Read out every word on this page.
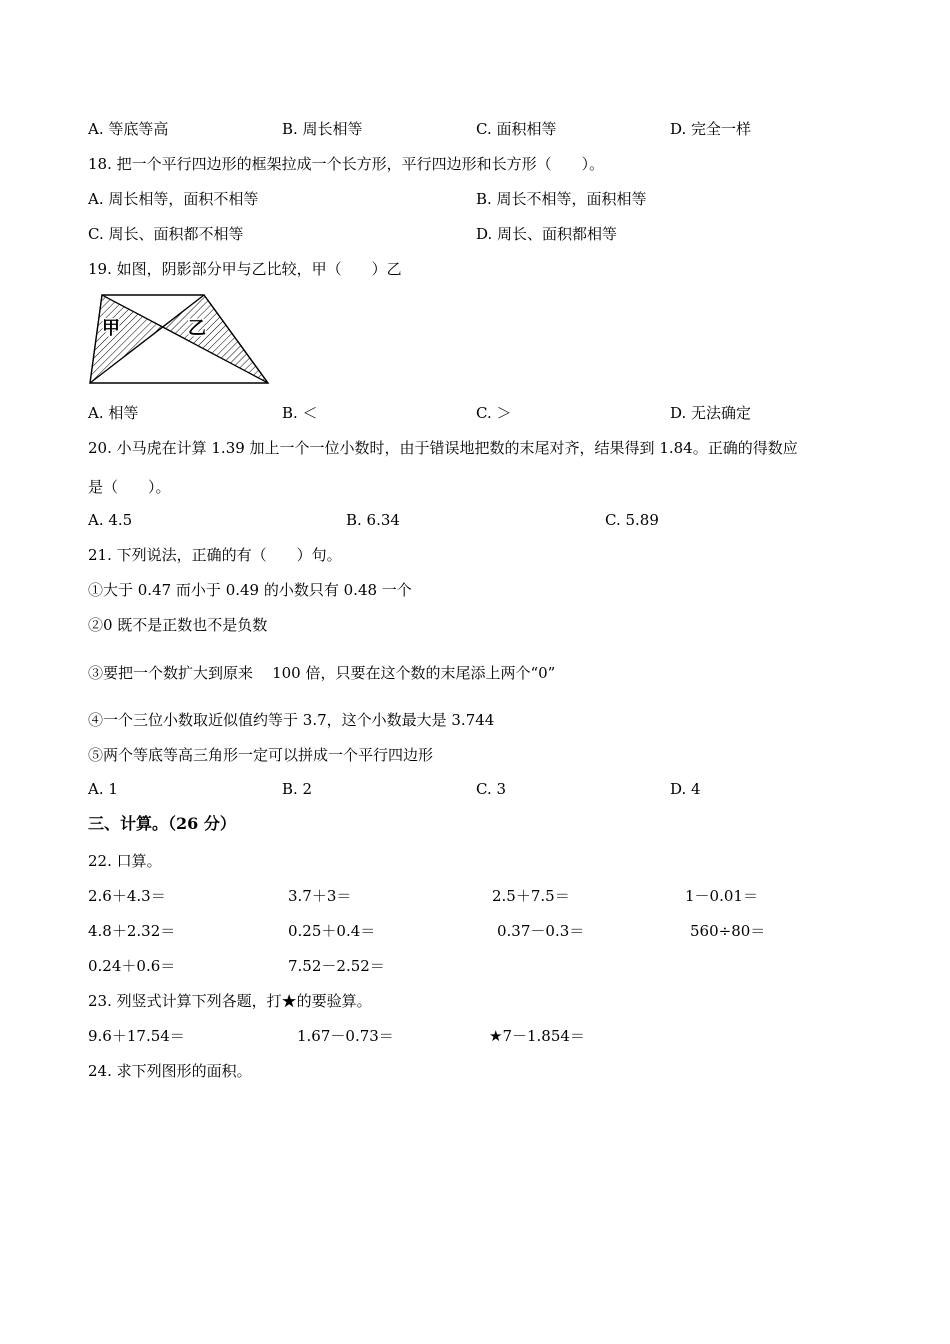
A. 等底等高	B. 周长相等	C. 面积相等	D. 完全一样
18. 把一个平行四边形的框架拉成一个长方形，平行四边形和长方形（　　）。
A. 周长相等，面积不相等	B. 周长不相等，面积相等
C. 周长、面积都不相等	D. 周长、面积都相等
19. 如图，阴影部分甲与乙比较，甲（　　）乙
甲	乙
A. 相等	B. ＜	C. ＞	D. 无法确定
20. 小马虎在计算 1.39 加上一个一位小数时，由于错误地把数的末尾对齐，结果得到 1.84。正确的得数应
是（　　）。
A. 4.5	B. 6.34	C. 5.89
21. 下列说法，正确的有（　　）句。
①大于 0.47 而小于 0.49 的小数只有 0.48 一个
②0 既不是正数也不是负数
③要把一个数扩大到原来    100 倍，只要在这个数的末尾添上两个“0”
④一个三位小数取近似值约等于 3.7，这个小数最大是 3.744
⑤两个等底等高三角形一定可以拼成一个平行四边形
A. 1	B. 2	C. 3	D. 4
三、计算。（26 分）
22. 口算。
2.6＋4.3＝	3.7＋3＝	2.5＋7.5＝	1－0.01＝
4.8＋2.32＝	0.25＋0.4＝	0.37－0.3＝	560÷80＝
0.24＋0.6＝	7.52－2.52＝
23. 列竖式计算下列各题，打★的要验算。
9.6＋17.54＝	1.67－0.73＝	★7－1.854＝
24. 求下列图形的面积。
